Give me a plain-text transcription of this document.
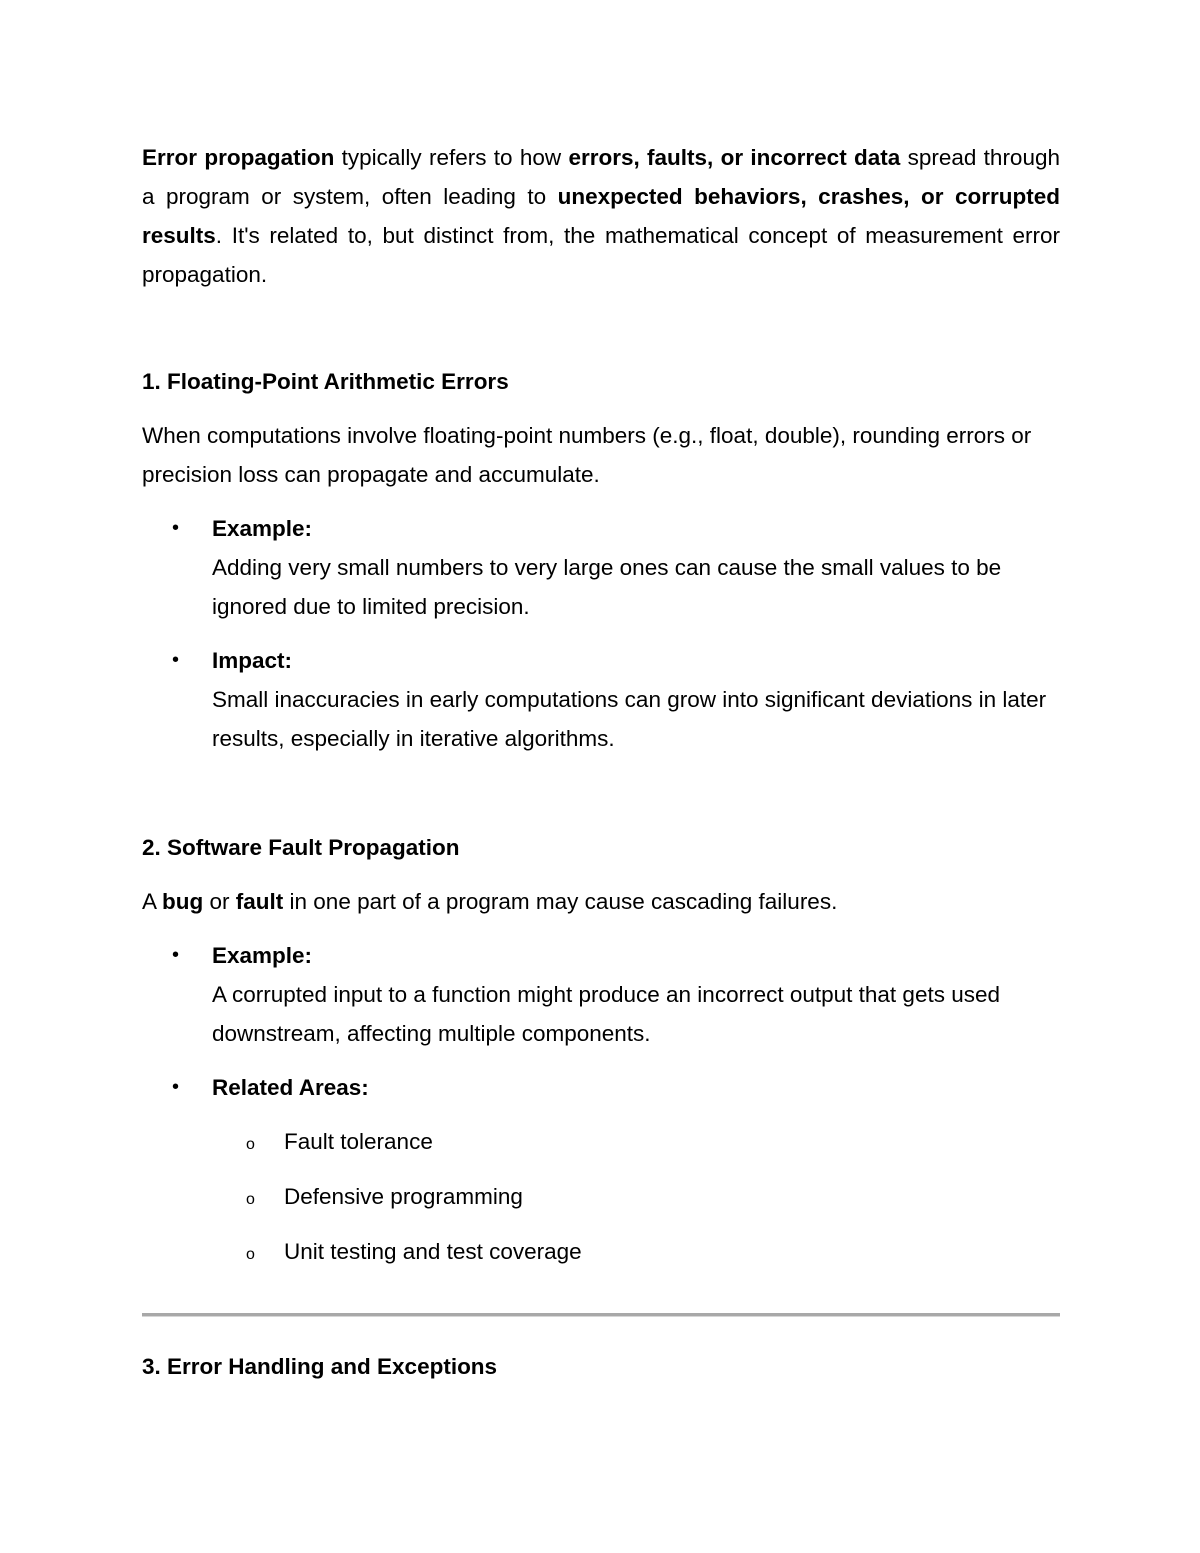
Error propagation typically refers to how errors, faults, or incorrect data spread through a program or system, often leading to unexpected behaviors, crashes, or corrupted results. It's related to, but distinct from, the mathematical concept of measurement error propagation.

1. Floating-Point Arithmetic Errors

When computations involve floating-point numbers (e.g., float, double), rounding errors or precision loss can propagate and accumulate.

• Example:
Adding very small numbers to very large ones can cause the small values to be ignored due to limited precision.
• Impact:
Small inaccuracies in early computations can grow into significant deviations in later results, especially in iterative algorithms.
2. Software Fault Propagation

A bug or fault in one part of a program may cause cascading failures.

• Example:
A corrupted input to a function might produce an incorrect output that gets used downstream, affecting multiple components.
• Related Areas:
o Fault tolerance
o Defensive programming
o Unit testing and test coverage
3. Error Handling and Exceptions
